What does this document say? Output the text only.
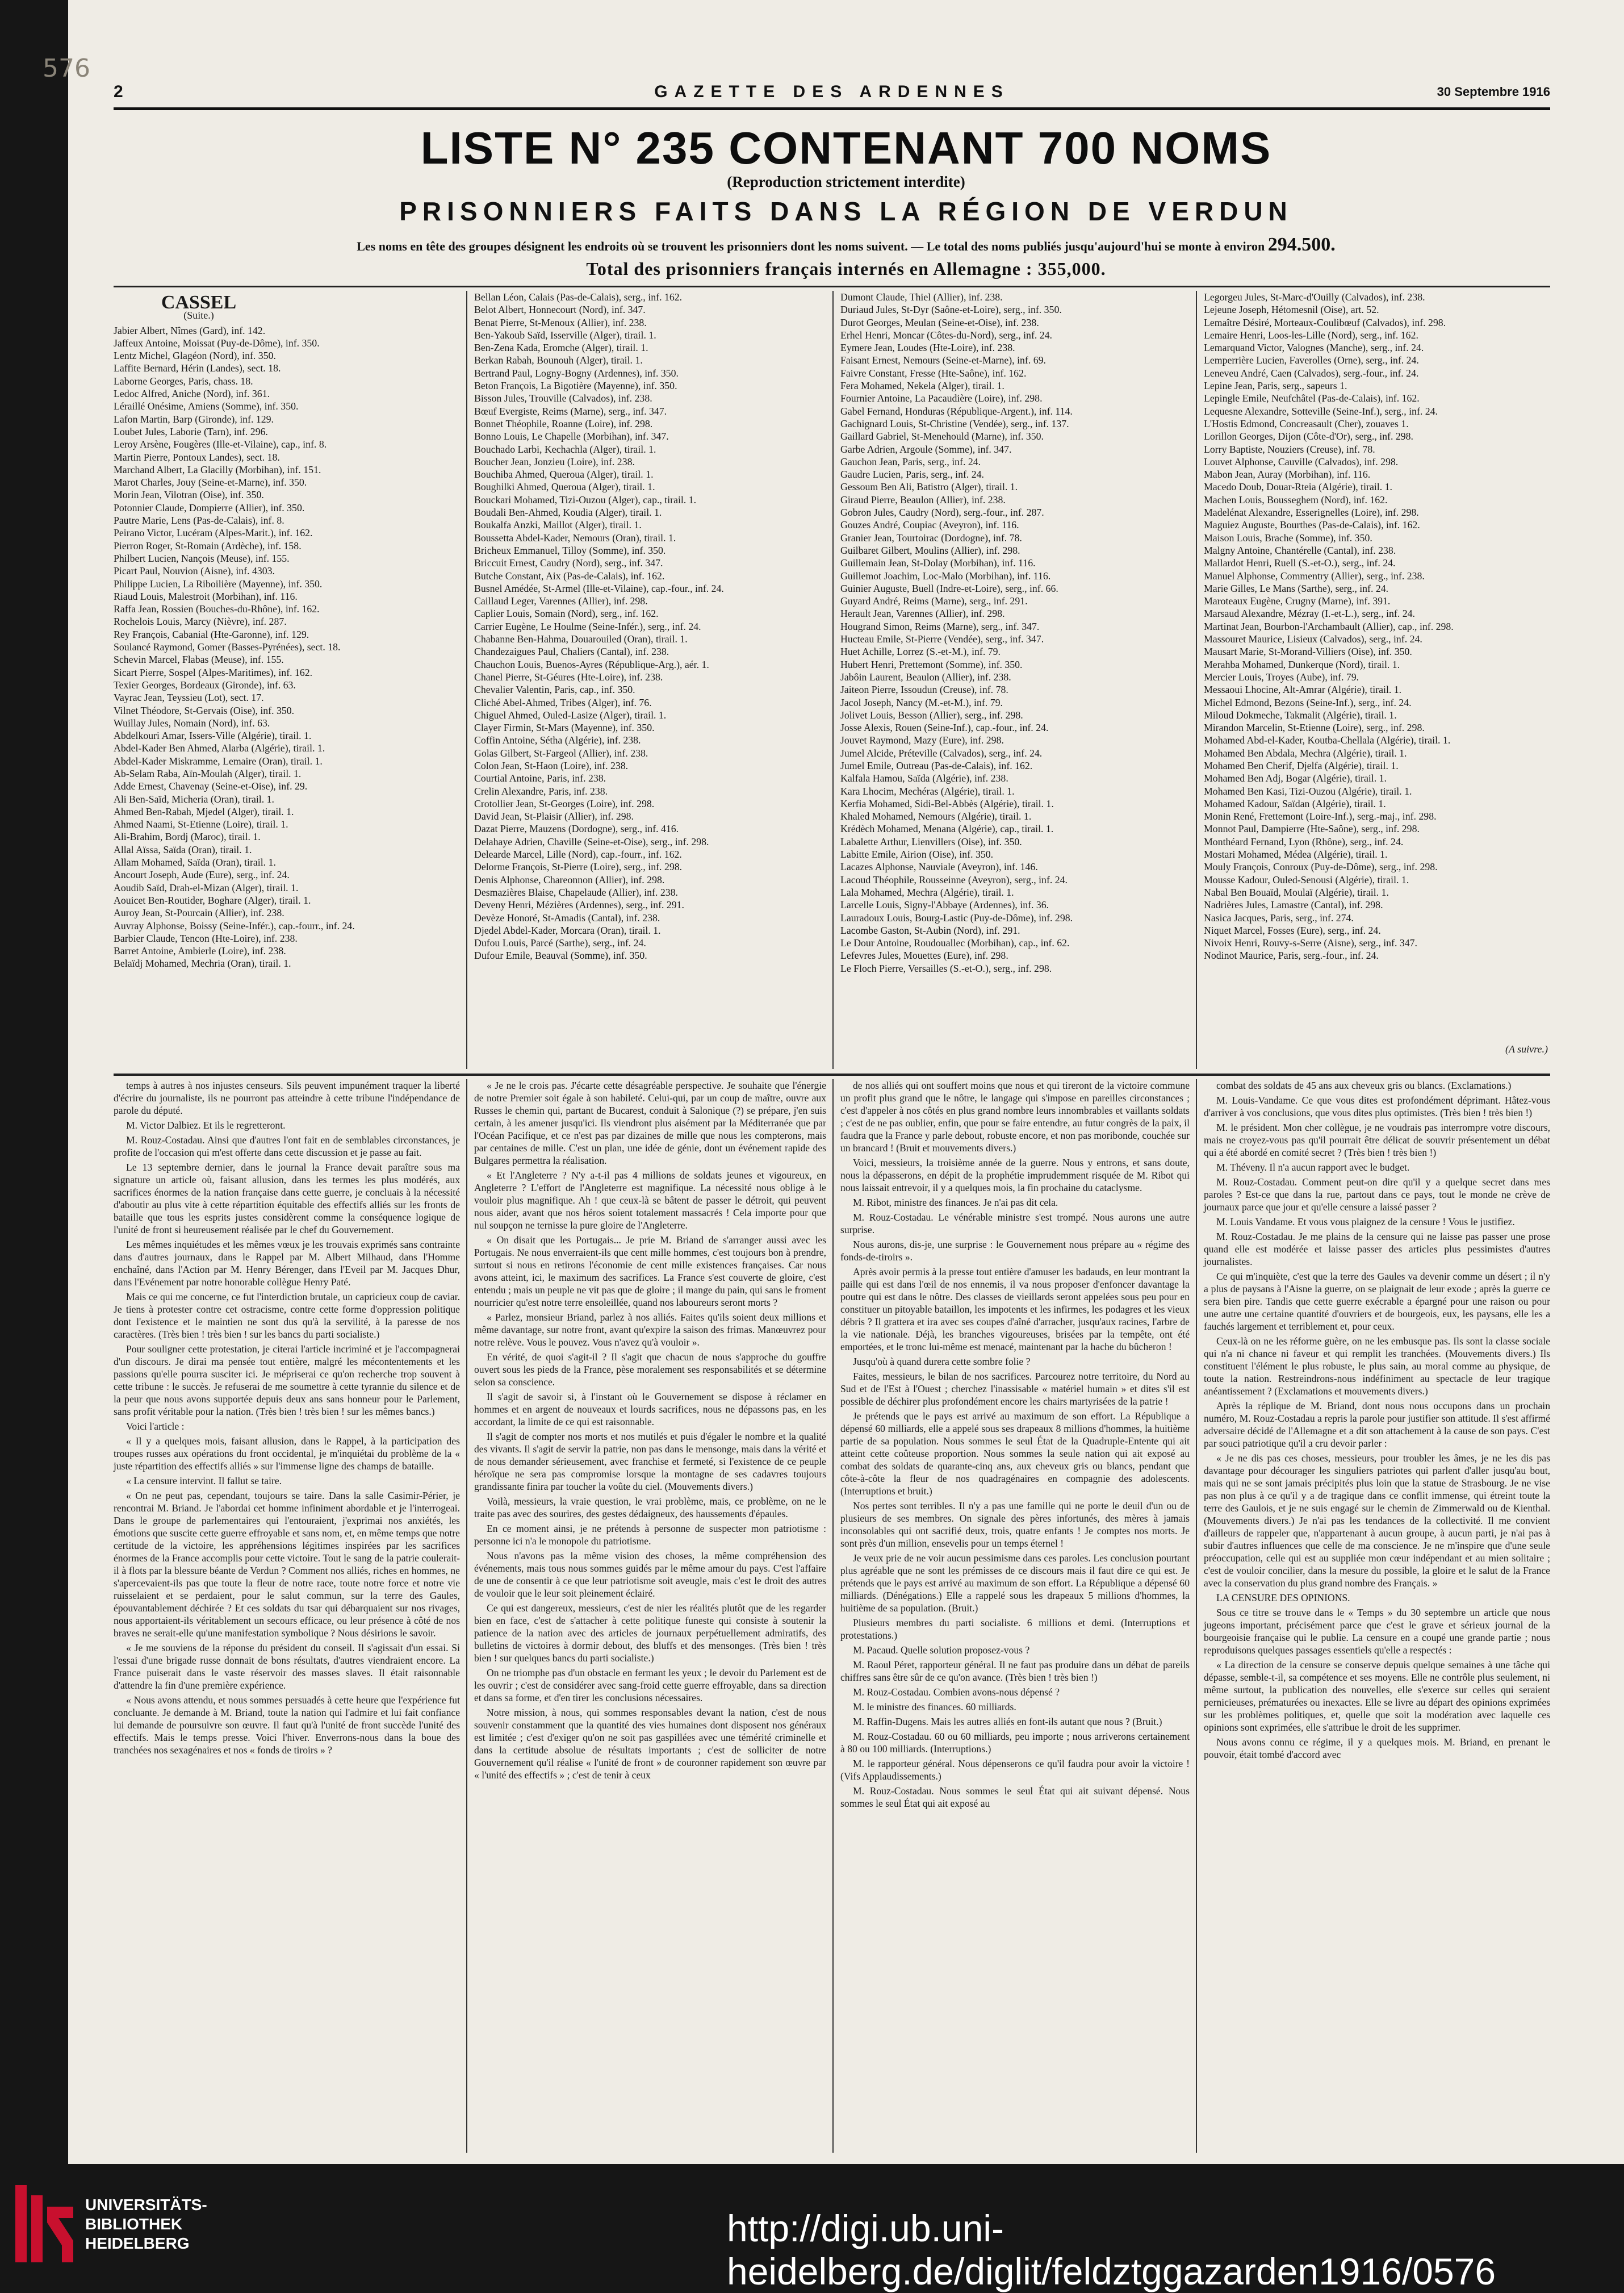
576
2	GAZETTE DES ARDENNES	30 Septembre 1916
LISTE N° 235 CONTENANT 700 NOMS
(Reproduction strictement interdite)
PRISONNIERS FAITS DANS LA RÉGION DE VERDUN
Les noms en tête des groupes désignent les endroits où se trouvent les prisonniers dont les noms suivent. — Le total des noms publiés jusqu'aujourd'hui se monte à environ 294.500.
Total des prisonniers français internés en Allemagne : 355,000.
CASSEL
(Suite.)
Jabier Albert, Nîmes (Gard), inf. 142.
Jaffeux Antoine, Moissat (Puy-de-Dôme), inf. 350.
Lentz Michel, Glagéon (Nord), inf. 350.
Laffite Bernard, Hérin (Landes), sect. 18.
Laborne Georges, Paris, chass. 18.
Ledoc Alfred, Aniche (Nord), inf. 361.
Léraillé Onésime, Amiens (Somme), inf. 350.
Lafon Martin, Barp (Gironde), inf. 129.
Loubet Jules, Laborie (Tarn), inf. 296.
Leroy Arsène, Fougères (Ille-et-Vilaine), cap., inf. 8.
Martin Pierre, Pontoux Landes), sect. 18.
Marchand Albert, La Glacilly (Morbihan), inf. 151.
Marot Charles, Jouy (Seine-et-Marne), inf. 350.
Morin Jean, Vilotran (Oise), inf. 350.
Potonnier Claude, Dompierre (Allier), inf. 350.
Pautre Marie, Lens (Pas-de-Calais), inf. 8.
Peirano Victor, Lucéram (Alpes-Marit.), inf. 162.
Pierron Roger, St-Romain (Ardèche), inf. 158.
Philbert Lucien, Nançois (Meuse), inf. 155.
Picart Paul, Nouvion (Aisne), inf. 4303.
Philippe Lucien, La Riboilière (Mayenne), inf. 350.
Riaud Louis, Malestroit (Morbihan), inf. 116.
Raffa Jean, Rossien (Bouches-du-Rhône), inf. 162.
Rochelois Louis, Marcy (Nièvre), inf. 287.
Rey François, Cabanial (Hte-Garonne), inf. 129.
Soulancé Raymond, Gomer (Basses-Pyrénées), sect. 18.
Schevin Marcel, Flabas (Meuse), inf. 155.
Sicart Pierre, Sospel (Alpes-Maritimes), inf. 162.
Texier Georges, Bordeaux (Gironde), inf. 63.
Vayrac Jean, Teyssieu (Lot), sect. 17.
Vilnet Théodore, St-Gervais (Oise), inf. 350.
Wuillay Jules, Nomain (Nord), inf. 63.
Abdelkouri Amar, Issers-Ville (Algérie), tirail. 1.
Abdel-Kader Ben Ahmed, Alarba (Algérie), tirail. 1.
Abdel-Kader Miskramme, Lemaire (Oran), tirail. 1.
Ab-Selam Raba, Aïn-Moulah (Alger), tirail. 1.
Adde Ernest, Chavenay (Seine-et-Oise), inf. 29.
Ali Ben-Saïd, Micheria (Oran), tirail. 1.
Ahmed Ben-Rabah, Mjedel (Alger), tirail. 1.
Ahmed Naami, St-Etienne (Loire), tirail. 1.
Ali-Brahim, Bordj (Maroc), tirail. 1.
Allal Aïssa, Saïda (Oran), tirail. 1.
Allam Mohamed, Saïda (Oran), tirail. 1.
Ancourt Joseph, Aude (Eure), serg., inf. 24.
Aoudib Saïd, Drah-el-Mizan (Alger), tirail. 1.
Aouicet Ben-Routider, Boghare (Alger), tirail. 1.
Auroy Jean, St-Pourcain (Allier), inf. 238.
Auvray Alphonse, Boissy (Seine-Infér.), cap.-fourr., inf. 24.
Barbier Claude, Tencon (Hte-Loire), inf. 238.
Barret Antoine, Ambierle (Loire), inf. 238.
Belaïdj Mohamed, Mechria (Oran), tirail. 1.
Bellan Léon, Calais (Pas-de-Calais), serg., inf. 162.
Belot Albert, Honnecourt (Nord), inf. 347.
Benat Pierre, St-Menoux (Allier), inf. 238.
Ben-Yakoub Saïd, Isserville (Alger), tirail. 1.
Ben-Zena Kada, Eromche (Alger), tirail. 1.
Berkan Rabah, Bounouh (Alger), tirail. 1.
Bertrand Paul, Logny-Bogny (Ardennes), inf. 350.
Beton François, La Bigotière (Mayenne), inf. 350.
Bisson Jules, Trouville (Calvados), inf. 238.
Bœuf Evergiste, Reims (Marne), serg., inf. 347.
Bonnet Théophile, Roanne (Loire), inf. 298.
Bonno Louis, Le Chapelle (Morbihan), inf. 347.
Bouchado Larbi, Kechachla (Alger), tirail. 1.
Boucher Jean, Jonzieu (Loire), inf. 238.
Bouchiba Ahmed, Queroua (Alger), tirail. 1.
Boughilki Ahmed, Queroua (Alger), tirail. 1.
Bouckari Mohamed, Tizi-Ouzou (Alger), cap., tirail. 1.
Boudali Ben-Ahmed, Koudia (Alger), tirail. 1.
Boukalfa Anzki, Maillot (Alger), tirail. 1.
Boussetta Abdel-Kader, Nemours (Oran), tirail. 1.
Bricheux Emmanuel, Tilloy (Somme), inf. 350.
Briccuit Ernest, Caudry (Nord), serg., inf. 347.
Butche Constant, Aix (Pas-de-Calais), inf. 162.
Busnel Amédée, St-Armel (Ille-et-Vilaine), cap.-four., inf. 24.
Caillaud Leger, Varennes (Allier), inf. 298.
Caplier Louis, Somain (Nord), serg., inf. 162.
Carrier Eugène, Le Houlme (Seine-Infér.), serg., inf. 24.
Chabanne Ben-Hahma, Douarouiled (Oran), tirail. 1.
Chandezaigues Paul, Chaliers (Cantal), inf. 238.
Chauchon Louis, Buenos-Ayres (République-Arg.), aér. 1.
Chanel Pierre, St-Géures (Hte-Loire), inf. 238.
Chevalier Valentin, Paris, cap., inf. 350.
Cliché Abel-Ahmed, Tribes (Alger), inf. 76.
Chiguel Ahmed, Ouled-Lasize (Alger), tirail. 1.
Clayer Firmin, St-Mars (Mayenne), inf. 350.
Coffin Antoine, Sétha (Algérie), inf. 238.
Golas Gilbert, St-Fargeol (Allier), inf. 238.
Colon Jean, St-Haon (Loire), inf. 238.
Courtial Antoine, Paris, inf. 238.
Crelin Alexandre, Paris, inf. 238.
Crotollier Jean, St-Georges (Loire), inf. 298.
David Jean, St-Plaisir (Allier), inf. 298.
Dazat Pierre, Mauzens (Dordogne), serg., inf. 416.
Delahaye Adrien, Chaville (Seine-et-Oise), serg., inf. 298.
Delearde Marcel, Lille (Nord), cap.-fourr., inf. 162.
Delorme François, St-Pierre (Loire), serg., inf. 298.
Denis Alphonse, Chareonnon (Allier), inf. 298.
Desmazières Blaise, Chapelaude (Allier), inf. 238.
Deveny Henri, Mézières (Ardennes), serg., inf. 291.
Devèze Honoré, St-Amadis (Cantal), inf. 238.
Djedel Abdel-Kader, Morcara (Oran), tirail. 1.
Dufou Louis, Parcé (Sarthe), serg., inf. 24.
Dufour Emile, Beauval (Somme), inf. 350.
Dumont Claude, Thiel (Allier), inf. 238.
Duriaud Jules, St-Dyr (Saône-et-Loire), serg., inf. 350.
Durot Georges, Meulan (Seine-et-Oise), inf. 238.
Erhel Henri, Moncar (Côtes-du-Nord), serg., inf. 24.
Eymere Jean, Loudes (Hte-Loire), inf. 238.
Faisant Ernest, Nemours (Seine-et-Marne), inf. 69.
Faivre Constant, Fresse (Hte-Saône), inf. 162.
Fera Mohamed, Nekela (Alger), tirail. 1.
Fournier Antoine, La Pacaudière (Loire), inf. 298.
Gabel Fernand, Honduras (République-Argent.), inf. 114.
Gachignard Louis, St-Christine (Vendée), serg., inf. 137.
Gaillard Gabriel, St-Menehould (Marne), inf. 350.
Garbe Adrien, Argoule (Somme), inf. 347.
Gauchon Jean, Paris, serg., inf. 24.
Gaudre Lucien, Paris, serg., inf. 24.
Gessoum Ben Ali, Batistro (Alger), tirail. 1.
Giraud Pierre, Beaulon (Allier), inf. 238.
Gobron Jules, Caudry (Nord), serg.-four., inf. 287.
Gouzes André, Coupiac (Aveyron), inf. 116.
Granier Jean, Tourtoirac (Dordogne), inf. 78.
Guilbaret Gilbert, Moulins (Allier), inf. 298.
Guillemain Jean, St-Dolay (Morbihan), inf. 116.
Guillemot Joachim, Loc-Malo (Morbihan), inf. 116.
Guinier Auguste, Buell (Indre-et-Loire), serg., inf. 66.
Guyard André, Reims (Marne), serg., inf. 291.
Herault Jean, Varennes (Allier), inf. 298.
Hougrand Simon, Reims (Marne), serg., inf. 347.
Hucteau Emile, St-Pierre (Vendée), serg., inf. 347.
Huet Achille, Lorrez (S.-et-M.), inf. 79.
Hubert Henri, Prettemont (Somme), inf. 350.
Jabôin Laurent, Beaulon (Allier), inf. 238.
Jaiteon Pierre, Issoudun (Creuse), inf. 78.
Jacol Joseph, Nancy (M.-et-M.), inf. 79.
Jolivet Louis, Besson (Allier), serg., inf. 298.
Josse Alexis, Rouen (Seine-Inf.), cap.-four., inf. 24.
Jouvet Raymond, Mazy (Eure), inf. 298.
Jumel Alcide, Préteville (Calvados), serg., inf. 24.
Jumel Emile, Outreau (Pas-de-Calais), inf. 162.
Kalfala Hamou, Saïda (Algérie), inf. 238.
Kara Lhocim, Mechéras (Algérie), tirail. 1.
Kerfia Mohamed, Sidi-Bel-Abbès (Algérie), tirail. 1.
Khaled Mohamed, Nemours (Algérie), tirail. 1.
Krédèch Mohamed, Menana (Algérie), cap., tirail. 1.
Labalette Arthur, Lienvillers (Oise), inf. 350.
Labitte Emile, Airion (Oise), inf. 350.
Lacazes Alphonse, Nauviale (Aveyron), inf. 146.
Lacoud Théophile, Rousseinne (Aveyron), serg., inf. 24.
Lala Mohamed, Mechra (Algérie), tirail. 1.
Larcelle Louis, Signy-l'Abbaye (Ardennes), inf. 36.
Lauradoux Louis, Bourg-Lastic (Puy-de-Dôme), inf. 298.
Lacombe Gaston, St-Aubin (Nord), inf. 291.
Le Dour Antoine, Roudouallec (Morbihan), cap., inf. 62.
Lefevres Jules, Mouettes (Eure), inf. 298.
Le Floch Pierre, Versailles (S.-et-O.), serg., inf. 298.
Legorgeu Jules, St-Marc-d'Ouilly (Calvados), inf. 238.
Lejeune Joseph, Hétomesnil (Oise), art. 52.
Lemaître Désiré, Morteaux-Coulibœuf (Calvados), inf. 298.
Lemaire Henri, Loos-les-Lille (Nord), serg., inf. 162.
Lemarquand Victor, Valognes (Manche), serg., inf. 24.
Lemperrière Lucien, Faverolles (Orne), serg., inf. 24.
Leneveu André, Caen (Calvados), serg.-four., inf. 24.
Lepine Jean, Paris, serg., sapeurs 1.
Lepingle Emile, Neufchâtel (Pas-de-Calais), inf. 162.
Lequesne Alexandre, Sotteville (Seine-Inf.), serg., inf. 24.
L'Hostis Edmond, Concreasault (Cher), zouaves 1.
Lorillon Georges, Dijon (Côte-d'Or), serg., inf. 298.
Lorry Baptiste, Nouziers (Creuse), inf. 78.
Louvet Alphonse, Cauville (Calvados), inf. 298.
Mabon Jean, Auray (Morbihan), inf. 116.
Macedo Doub, Douar-Rteia (Algérie), tirail. 1.
Machen Louis, Bousseghem (Nord), inf. 162.
Madelénat Alexandre, Esserignelles (Loire), inf. 298.
Maguiez Auguste, Bourthes (Pas-de-Calais), inf. 162.
Maison Louis, Brache (Somme), inf. 350.
Malgny Antoine, Chantérelle (Cantal), inf. 238.
Mallardot Henri, Ruell (S.-et-O.), serg., inf. 24.
Manuel Alphonse, Commentry (Allier), serg., inf. 238.
Marie Gilles, Le Mans (Sarthe), serg., inf. 24.
Maroteaux Eugène, Crugny (Marne), inf. 391.
Marsaud Alexandre, Mézray (I.-et-L.), serg., inf. 24.
Martinat Jean, Bourbon-l'Archambault (Allier), cap., inf. 298.
Massouret Maurice, Lisieux (Calvados), serg., inf. 24.
Mausart Marie, St-Morand-Villiers (Oise), inf. 350.
Merahba Mohamed, Dunkerque (Nord), tirail. 1.
Mercier Louis, Troyes (Aube), inf. 79.
Messaoui Lhocine, Alt-Amrar (Algérie), tirail. 1.
Michel Edmond, Bezons (Seine-Inf.), serg., inf. 24.
Miloud Dokmeche, Takmalit (Algérie), tirail. 1.
Mirandon Marcelin, St-Etienne (Loire), serg., inf. 298.
Mohamed Abd-el-Kader, Koutba-Chellala (Algérie), tirail. 1.
Mohamed Ben Abdala, Mechra (Algérie), tirail. 1.
Mohamed Ben Cherif, Djelfa (Algérie), tirail. 1.
Mohamed Ben Adj, Bogar (Algérie), tirail. 1.
Mohamed Ben Kasi, Tizi-Ouzou (Algérie), tirail. 1.
Mohamed Kadour, Saïdan (Algérie), tirail. 1.
Monin René, Frettemont (Loire-Inf.), serg.-maj., inf. 298.
Monnot Paul, Dampierre (Hte-Saône), serg., inf. 298.
Monthéard Fernand, Lyon (Rhône), serg., inf. 24.
Mostari Mohamed, Médea (Algérie), tirail. 1.
Mouly François, Conroux (Puy-de-Dôme), serg., inf. 298.
Mousse Kadour, Ouled-Senousi (Algérie), tirail. 1.
Nabal Ben Bouaïd, Moulaï (Algérie), tirail. 1.
Nadrières Jules, Lamastre (Cantal), inf. 298.
Nasica Jacques, Paris, serg., inf. 274.
Niquet Marcel, Fosses (Eure), serg., inf. 24.
Nivoix Henri, Rouvy-s-Serre (Aisne), serg., inf. 347.
Nodinot Maurice, Paris, serg.-four., inf. 24.
(A suivre.)

temps à autres à nos injustes censeurs. Sils peuvent impunément traquer la liberté d'écrire du journaliste, ils ne pourront pas atteindre à cette tribune l'indépendance de parole du député.

M. Victor Dalbiez. Et ils le regretteront.

M. Rouz-Costadau. Ainsi que d'autres l'ont fait en de semblables circonstances, je profite de l'occasion qui m'est offerte dans cette discussion et je passe au fait.

Le 13 septembre dernier, dans le journal la France devait paraître sous ma signature un article où, faisant allusion, dans les termes les plus modérés, aux sacrifices énormes de la nation française dans cette guerre, je concluais à la nécessité d'aboutir au plus vite à cette répartition équitable des effectifs alliés sur les fronts de bataille que tous les esprits justes considèrent comme la conséquence logique de l'unité de front si heureusement réalisée par le chef du Gouvernement.

Les mêmes inquiétudes et les mêmes vœux je les trouvais exprimés sans contrainte dans d'autres journaux, dans le Rappel par M. Albert Milhaud, dans l'Homme enchaîné, dans l'Action par M. Henry Bérenger, dans l'Eveil par M. Jacques Dhur, dans l'Evénement par notre honorable collègue Henry Paté.

Mais ce qui me concerne, ce fut l'interdiction brutale, un capricieux coup de caviar. Je tiens à protester contre cet ostracisme, contre cette forme d'oppression politique dont l'existence et le maintien ne sont dus qu'à la servilité, à la paresse de nos caractères. (Très bien ! très bien ! sur les bancs du parti socialiste.)

Pour souligner cette protestation, je citerai l'article incriminé et je l'accompagnerai d'un discours. Je dirai ma pensée tout entière, malgré les mécontentements et les passions qu'elle pourra susciter ici. Je mépriserai ce qu'on recherche trop souvent à cette tribune : le succès. Je refuserai de me soumettre à cette tyrannie du silence et de la peur que nous avons supportée depuis deux ans sans honneur pour le Parlement, sans profit véritable pour la nation. (Très bien ! très bien ! sur les mêmes bancs.)

Voici l'article :

« Il y a quelques mois, faisant allusion, dans le Rappel, à la participation des troupes russes aux opérations du front occidental, je m'inquiétai du problème de la « juste répartition des effectifs alliés » sur l'immense ligne des champs de bataille.

« La censure intervint. Il fallut se taire.

« On ne peut pas, cependant, toujours se taire. Dans la salle Casimir-Périer, je rencontrai M. Briand. Je l'abordai cet homme infiniment abordable et je l'interrogeai. Dans le groupe de parlementaires qui l'entouraient, j'exprimai nos anxiétés, les émotions que suscite cette guerre effroyable et sans nom, et, en même temps que notre certitude de la victoire, les appréhensions légitimes inspirées par les sacrifices énormes de la France accomplis pour cette victoire. Tout le sang de la patrie coulerait-il à flots par la blessure béante de Verdun ? Comment nos alliés, riches en hommes, ne s'apercevaient-ils pas que toute la fleur de notre race, toute notre force et notre vie ruisselaient et se perdaient, pour le salut commun, sur la terre des Gaules, épouvantablement déchirée ? Et ces soldats du tsar qui débarquaient sur nos rivages, nous apportaient-ils véritablement un secours efficace, ou leur présence à côté de nos braves ne serait-elle qu'une manifestation symbolique ? Nous désirions le savoir.

« Je me souviens de la réponse du président du conseil. Il s'agissait d'un essai. Si l'essai d'une brigade russe donnait de bons résultats, d'autres viendraient encore. La France puiserait dans le vaste réservoir des masses slaves. Il était raisonnable d'attendre la fin d'une première expérience.

« Nous avons attendu, et nous sommes persuadés à cette heure que l'expérience fut concluante. Je demande à M. Briand, toute la nation qui l'admire et lui fait confiance lui demande de poursuivre son œuvre. Il faut qu'à l'unité de front succède l'unité des effectifs. Mais le temps presse. Voici l'hiver. Enverrons-nous dans la boue des tranchées nos sexagénaires et nos « fonds de tiroirs » ?

« Je ne le crois pas. J'écarte cette désagréable perspective. Je souhaite que l'énergie de notre Premier soit égale à son habileté. Celui-qui, par un coup de maître, ouvre aux Russes le chemin qui, partant de Bucarest, conduit à Salonique (?) se prépare, j'en suis certain, à les amener jusqu'ici. Ils viendront plus aisément par la Méditerranée que par l'Océan Pacifique, et ce n'est pas par dizaines de mille que nous les compterons, mais par centaines de mille. C'est un plan, une idée de génie, dont un événement rapide des Bulgares permettra la réalisation.

« Et l'Angleterre ? N'y a-t-il pas 4 millions de soldats jeunes et vigoureux, en Angleterre ? L'effort de l'Angleterre est magnifique. La nécessité nous oblige à le vouloir plus magnifique. Ah ! que ceux-là se bâtent de passer le détroit, qui peuvent nous aider, avant que nos héros soient totalement massacrés ! Cela importe pour que nul soupçon ne ternisse la pure gloire de l'Angleterre.

« On disait que les Portugais... Je prie M. Briand de s'arranger aussi avec les Portugais. Ne nous enverraient-ils que cent mille hommes, c'est toujours bon à prendre, surtout si nous en retirons l'économie de cent mille existences françaises. Car nous avons atteint, ici, le maximum des sacrifices. La France s'est couverte de gloire, c'est entendu ; mais un peuple ne vit pas que de gloire ; il mange du pain, qui sans le froment nourricier qu'est notre terre ensoleillée, quand nos laboureurs seront morts ?

« Parlez, monsieur Briand, parlez à nos alliés. Faites qu'ils soient deux millions et même davantage, sur notre front, avant qu'expire la saison des frimas. Manœuvrez pour notre relève. Vous le pouvez. Vous n'avez qu'à vouloir ».

En vérité, de quoi s'agit-il ? Il s'agit que chacun de nous s'approche du gouffre ouvert sous les pieds de la France, pèse moralement ses responsabilités et se détermine selon sa conscience.

Il s'agit de savoir si, à l'instant où le Gouvernement se dispose à réclamer en hommes et en argent de nouveaux et lourds sacrifices, nous ne dépassons pas, en les accordant, la limite de ce qui est raisonnable.

Il s'agit de compter nos morts et nos mutilés et puis d'égaler le nombre et la qualité des vivants. Il s'agit de servir la patrie, non pas dans le mensonge, mais dans la vérité et de nous demander sérieusement, avec franchise et fermeté, si l'existence de ce peuple héroïque ne sera pas compromise lorsque la montagne de ses cadavres toujours grandissante finira par toucher la voûte du ciel. (Mouvements divers.)

Voilà, messieurs, la vraie question, le vrai problème, mais, ce problème, on ne le traite pas avec des sourires, des gestes dédaigneux, des haussements d'épaules.

En ce moment ainsi, je ne prétends à personne de suspecter mon patriotisme : personne ici n'a le monopole du patriotisme.

Nous n'avons pas la même vision des choses, la même compréhension des événements, mais tous nous sommes guidés par le même amour du pays. C'est l'affaire de une de consentir à ce que leur patriotisme soit aveugle, mais c'est le droit des autres de vouloir que le leur soit pleinement éclairé.

Ce qui est dangereux, messieurs, c'est de nier les réalités plutôt que de les regarder bien en face, c'est de s'attacher à cette politique funeste qui consiste à soutenir la patience de la nation avec des articles de journaux perpétuellement admiratifs, des bulletins de victoires à dormir debout, des bluffs et des mensonges. (Très bien ! très bien ! sur quelques bancs du parti socialiste.)

On ne triomphe pas d'un obstacle en fermant les yeux ; le devoir du Parlement est de les ouvrir ; c'est de considérer avec sang-froid cette guerre effroyable, dans sa direction et dans sa forme, et d'en tirer les conclusions nécessaires.

Notre mission, à nous, qui sommes responsables devant la nation, c'est de nous souvenir constamment que la quantité des vies humaines dont disposent nos généraux est limitée ; c'est d'exiger qu'on ne soit pas gaspillées avec une témérité criminelle et dans la certitude absolue de résultats importants ; c'est de solliciter de notre Gouvernement qu'il réalise « l'unité de front » de couronner rapidement son œuvre par « l'unité des effectifs » ; c'est de tenir à ceux

de nos alliés qui ont souffert moins que nous et qui tireront de la victoire commune un profit plus grand que le nôtre, le langage qui s'impose en pareilles circonstances ; c'est d'appeler à nos côtés en plus grand nombre leurs innombrables et vaillants soldats ; c'est de ne pas oublier, enfin, que pour se faire entendre, au futur congrès de la paix, il faudra que la France y parle debout, robuste encore, et non pas moribonde, couchée sur un brancard ! (Bruit et mouvements divers.)

Voici, messieurs, la troisième année de la guerre. Nous y entrons, et sans doute, nous la dépasserons, en dépit de la prophétie imprudemment risquée de M. Ribot qui nous laissait entrevoir, il y a quelques mois, la fin prochaine du cataclysme.

M. Ribot, ministre des finances. Je n'ai pas dit cela.

M. Rouz-Costadau. Le vénérable ministre s'est trompé. Nous aurons une autre surprise.

Nous aurons, dis-je, une surprise : le Gouvernement nous prépare au « régime des fonds-de-tiroirs ».

Après avoir permis à la presse tout entière d'amuser les badauds, en leur montrant la paille qui est dans l'œil de nos ennemis, il va nous proposer d'enfoncer davantage la poutre qui est dans le nôtre. Des classes de vieillards seront appelées sous peu pour en constituer un pitoyable bataillon, les impotents et les infirmes, les podagres et les vieux débris ? Il grattera et ira avec ses coupes d'aîné d'arracher, jusqu'aux racines, l'arbre de la vie nationale. Déjà, les branches vigoureuses, brisées par la tempête, ont été emportées, et le tronc lui-même est menacé, maintenant par la hache du bûcheron !

Jusqu'où à quand durera cette sombre folie ?

Faites, messieurs, le bilan de nos sacrifices. Parcourez notre territoire, du Nord au Sud et de l'Est à l'Ouest ; cherchez l'inassisable « matériel humain » et dites s'il est possible de déchirer plus profondément encore les chairs martyrisées de la patrie !

Je prétends que le pays est arrivé au maximum de son effort. La République a dépensé 60 milliards, elle a appelé sous ses drapeaux 8 millions d'hommes, la huitième partie de sa population. Nous sommes le seul État de la Quadruple-Entente qui ait atteint cette coûteuse proportion. Nous sommes la seule nation qui ait exposé au combat des soldats de quarante-cinq ans, aux cheveux gris ou blancs, pendant que côte-à-côte la fleur de nos quadragénaires en compagnie des adolescents. (Interruptions et bruit.)

Nos pertes sont terribles. Il n'y a pas une famille qui ne porte le deuil d'un ou de plusieurs de ses membres. On signale des pères infortunés, des mères à jamais inconsolables qui ont sacrifié deux, trois, quatre enfants ! Je comptes nos morts. Je sont près d'un million, ensevelis pour un temps éternel !

Je veux prie de ne voir aucun pessimisme dans ces paroles. Les conclusion pourtant plus agréable que ne sont les prémisses de ce discours mais il faut dire ce qui est. Je prétends que le pays est arrivé au maximum de son effort. La République a dépensé 60 milliards. (Dénégations.) Elle a rappelé sous les drapeaux 5 millions d'hommes, la huitième de sa population. (Bruit.)

Plusieurs membres du parti socialiste. 6 millions et demi. (Interruptions et protestations.)

M. Pacaud. Quelle solution proposez-vous ?

M. Raoul Péret, rapporteur général. Il ne faut pas produire dans un débat de pareils chiffres sans être sûr de ce qu'on avance. (Très bien ! très bien !)

M. Rouz-Costadau. Combien avons-nous dépensé ?

M. le ministre des finances. 60 milliards.

M. Raffin-Dugens. Mais les autres alliés en font-ils autant que nous ? (Bruit.)

M. Rouz-Costadau. 60 ou 60 milliards, peu importe ; nous arriverons certainement à 80 ou 100 milliards. (Interruptions.)

M. le rapporteur général. Nous dépenserons ce qu'il faudra pour avoir la victoire ! (Vifs Applaudissements.)

M. Rouz-Costadau. Nous sommes le seul État qui ait suivant dépensé. Nous sommes le seul État qui ait exposé au

combat des soldats de 45 ans aux cheveux gris ou blancs. (Exclamations.)

M. Louis-Vandame. Ce que vous dites est profondément déprimant. Hâtez-vous d'arriver à vos conclusions, que vous dites plus optimistes. (Très bien ! très bien !)

M. le président. Mon cher collègue, je ne voudrais pas interrompre votre discours, mais ne croyez-vous pas qu'il pourrait être délicat de souvrir présentement un débat qui a été abordé en comité secret ? (Très bien ! très bien !)

M. Théveny. Il n'a aucun rapport avec le budget.

M. Rouz-Costadau. Comment peut-on dire qu'il y a quelque secret dans mes paroles ? Est-ce que dans la rue, partout dans ce pays, tout le monde ne crève de journaux parce que jour et qu'elle censure a laissé passer ?

M. Louis Vandame. Et vous vous plaignez de la censure ! Vous le justifiez.

M. Rouz-Costadau. Je me plains de la censure qui ne laisse pas passer une prose quand elle est modérée et laisse passer des articles plus pessimistes d'autres journalistes.

Ce qui m'inquiète, c'est que la terre des Gaules va devenir comme un désert ; il n'y a plus de paysans à l'Aisne la guerre, on se plaignait de leur exode ; après la guerre ce sera bien pire. Tandis que cette guerre exécrable a épargné pour une raison ou pour une autre une certaine quantité d'ouvriers et de bourgeois, eux, les paysans, elle les a fauchés largement et terriblement et, pour ceux.

Ceux-là on ne les réforme guère, on ne les embusque pas. Ils sont la classe sociale qui n'a ni chance ni faveur et qui remplit les tranchées. (Mouvements divers.) Ils constituent l'élément le plus robuste, le plus sain, au moral comme au physique, de toute la nation. Restreindrons-nous indéfiniment au spectacle de leur tragique anéantissement ? (Exclamations et mouvements divers.)

Après la réplique de M. Briand, dont nous nous occupons dans un prochain numéro, M. Rouz-Costadau a repris la parole pour justifier son attitude. Il s'est affirmé adversaire décidé de l'Allemagne et a dit son attachement à la cause de son pays. C'est par souci patriotique qu'il a cru devoir parler :

« Je ne dis pas ces choses, messieurs, pour troubler les âmes, je ne les dis pas davantage pour décourager les singuliers patriotes qui parlent d'aller jusqu'au bout, mais qui ne se sont jamais précipités plus loin que la statue de Strasbourg. Je ne vise pas non plus à ce qu'il y a de tragique dans ce conflit immense, qui étreint toute la terre des Gaulois, et je ne suis engagé sur le chemin de Zimmerwald ou de Kienthal. (Mouvements divers.) Je n'ai pas les tendances de la collectivité. Il me convient d'ailleurs de rappeler que, n'appartenant à aucun groupe, à aucun parti, je n'ai pas à subir d'autres influences que celle de ma conscience. Je ne m'inspire que d'une seule préoccupation, celle qui est au suppliée mon cœur indépendant et au mien solitaire ; c'est de vouloir concilier, dans la mesure du possible, la gloire et le salut de la France avec la conservation du plus grand nombre des Français. »

LA CENSURE DES OPINIONS.

Sous ce titre se trouve dans le « Temps » du 30 septembre un article que nous jugeons important, précisément parce que c'est le grave et sérieux journal de la bourgeoisie française qui le publie. La censure en a coupé une grande partie ; nous reproduisons quelques passages essentiels qu'elle a respectés :

« La direction de la censure se conserve depuis quelque semaines à une tâche qui dépasse, semble-t-il, sa compétence et ses moyens. Elle ne contrôle plus seulement, ni même surtout, la publication des nouvelles, elle s'exerce sur celles qui seraient pernicieuses, prématurées ou inexactes. Elle se livre au départ des opinions exprimées sur les problèmes politiques, et, quelle que soit la modération avec laquelle ces opinions sont exprimées, elle s'attribue le droit de les supprimer.

Nous avons connu ce régime, il y a quelques mois. M. Briand, en prenant le pouvoir, était tombé d'accord avec

UNIVERSITÄTS-
BIBLIOTHEK
HEIDELBERG	http://digi.ub.uni-heidelberg.de/diglit/feldztggazarden1916/0576
